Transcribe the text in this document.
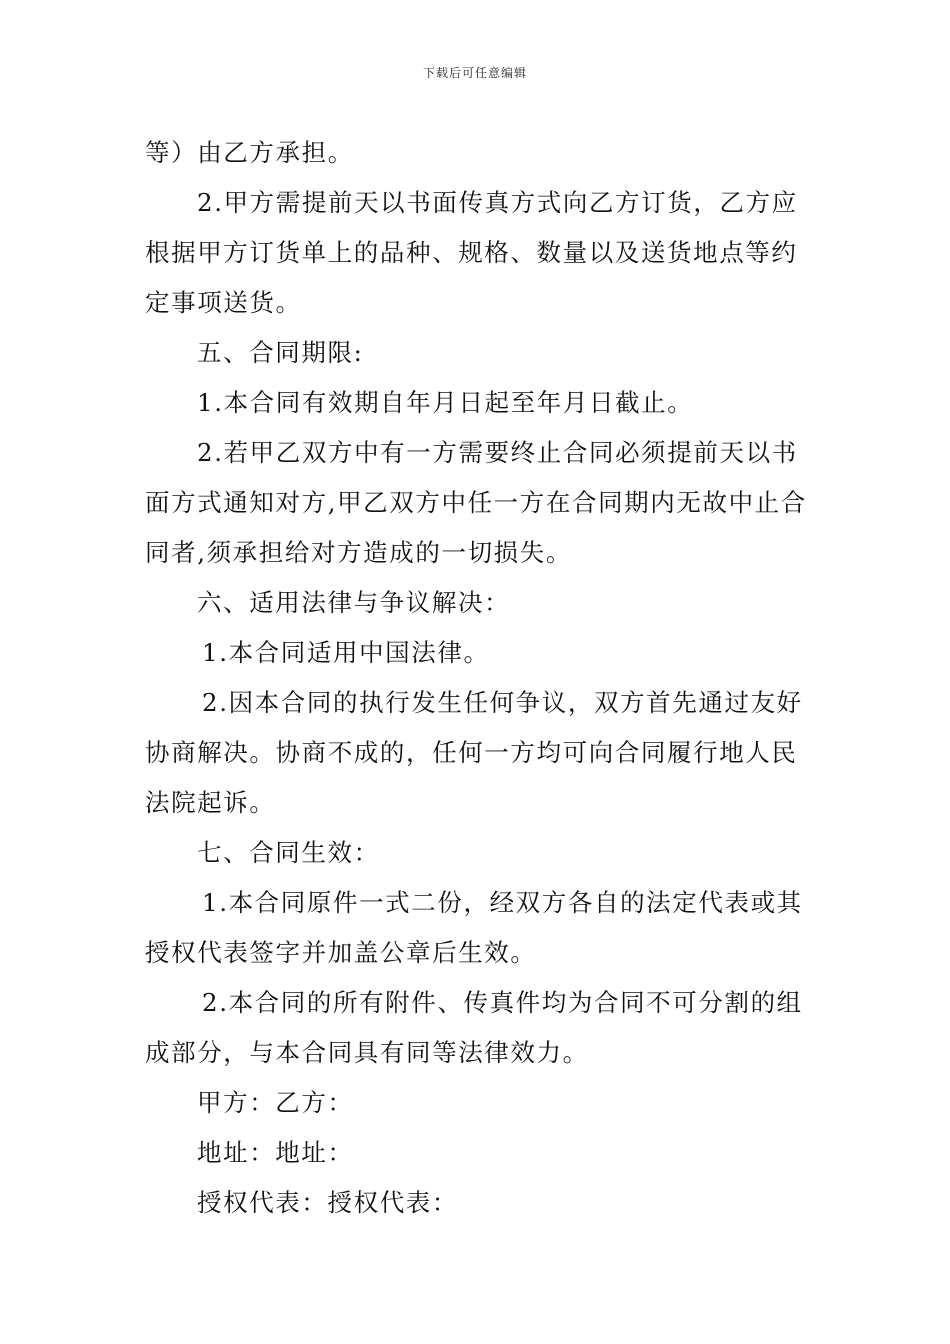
下载后可任意编辑
等）由乙方承担。
2.甲方需提前天以书面传真方式向乙方订货，乙方应
根据甲方订货单上的品种、规格、数量以及送货地点等约
定事项送货。
五、合同期限:
1.本合同有效期自年月日起至年月日截止。
2.若甲乙双方中有一方需要终止合同必须提前天以书
面方式通知对方,甲乙双方中任一方在合同期内无故中止合
同者,须承担给对方造成的一切损失。
六、适用法律与争议解决：
1.本合同适用中国法律。
2.因本合同的执行发生任何争议，双方首先通过友好
协商解决。协商不成的，任何一方均可向合同履行地人民
法院起诉。
七、合同生效：
1.本合同原件一式二份，经双方各自的法定代表或其
授权代表签字并加盖公章后生效。
2.本合同的所有附件、传真件均为合同不可分割的组
成部分，与本合同具有同等法律效力。
甲方：乙方：
地址：地址：
授权代表：授权代表：
